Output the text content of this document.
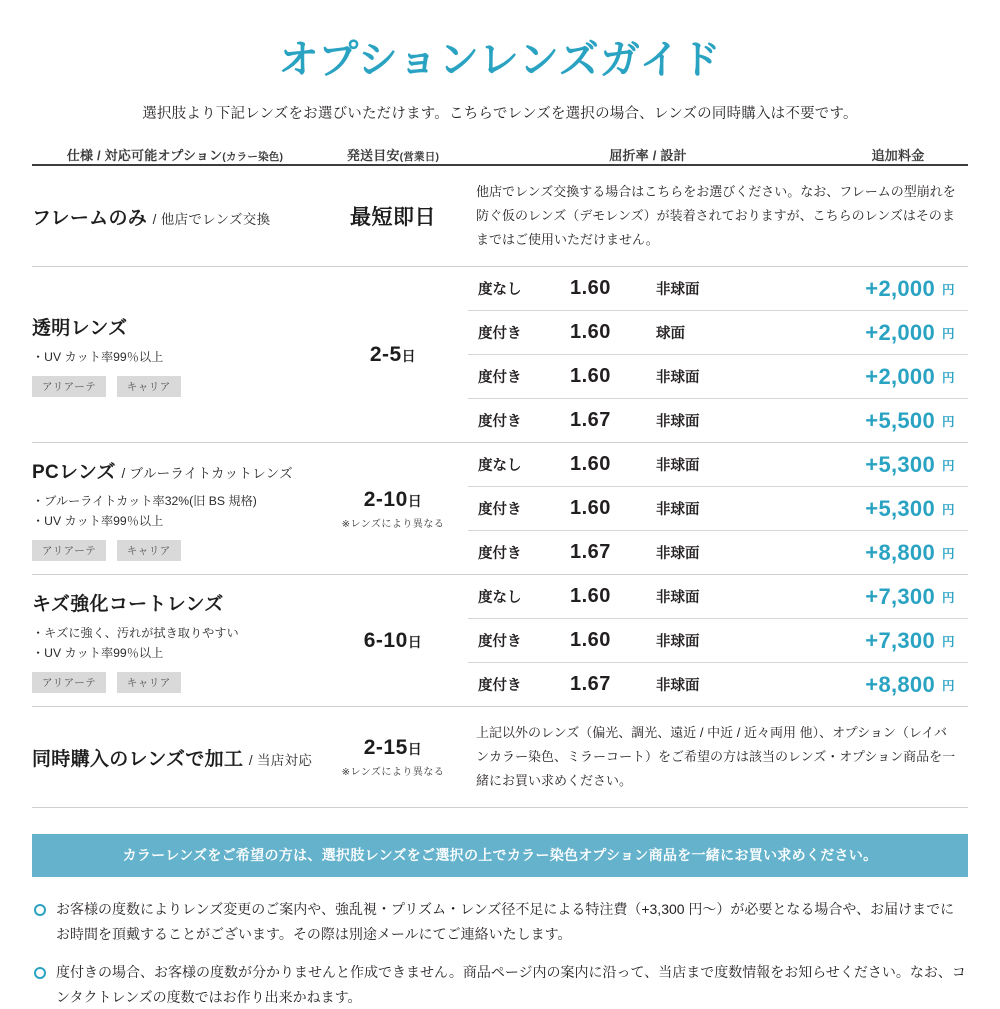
オプションレンズガイド
選択肢より下記レンズをお選びいただけます。こちらでレンズを選択の場合、レンズの同時購入は不要です。
仕様 / 対応可能オプション(カラー染色)	発送目安(営業日)	屈折率 / 設計	追加料金

フレームのみ / 他店でレンズ交換	最短即日

他店でレンズ交換する場合はこちらをお選びください。なお、フレームの型崩れを防ぐ仮のレンズ（デモレンズ）が装着されておりますが、こちらのレンズはそのままではご使用いただけません。

透明レンズ
・UV カット率99％以上
アリアーテ	キャリア

2-5日

度なし	1.60	非球面	+2,000	円
度付き	1.60	球面	+2,000	円
度付き	1.60	非球面	+2,000	円
度付き	1.67	非球面	+5,500	円

PCレンズ / ブルーライトカットレンズ
・ブルーライトカット率32%(旧 BS 規格)
・UV カット率99％以上
アリアーテ	キャリア

2-10日
※レンズにより異なる

度なし	1.60	非球面	+5,300	円
度付き	1.60	非球面	+5,300	円
度付き	1.67	非球面	+8,800	円

キズ強化コートレンズ
・キズに強く、汚れが拭き取りやすい
・UV カット率99％以上
アリアーテ	キャリア

6-10日

度なし	1.60	非球面	+7,300	円
度付き	1.60	非球面	+7,300	円
度付き	1.67	非球面	+8,800	円

同時購入のレンズで加工 / 当店対応

2-15日
※レンズにより異なる

上記以外のレンズ（偏光、調光、遠近 / 中近 / 近々両用 他）、オプション（レイバンカラー染色、ミラーコート）をご希望の方は該当のレンズ・オプション商品を一緒にお買い求めください。

カラーレンズをご希望の方は、選択肢レンズをご選択の上でカラー染色オプション商品を一緒にお買い求めください。
お客様の度数によりレンズ変更のご案内や、強乱視・プリズム・レンズ径不足による特注費（+3,300 円〜）が必要となる場合や、お届けまでにお時間を頂戴することがございます。その際は別途メールにてご連絡いたします。
度付きの場合、お客様の度数が分かりませんと作成できません。商品ページ内の案内に沿って、当店まで度数情報をお知らせください。なお、コンタクトレンズの度数ではお作り出来かねます。
